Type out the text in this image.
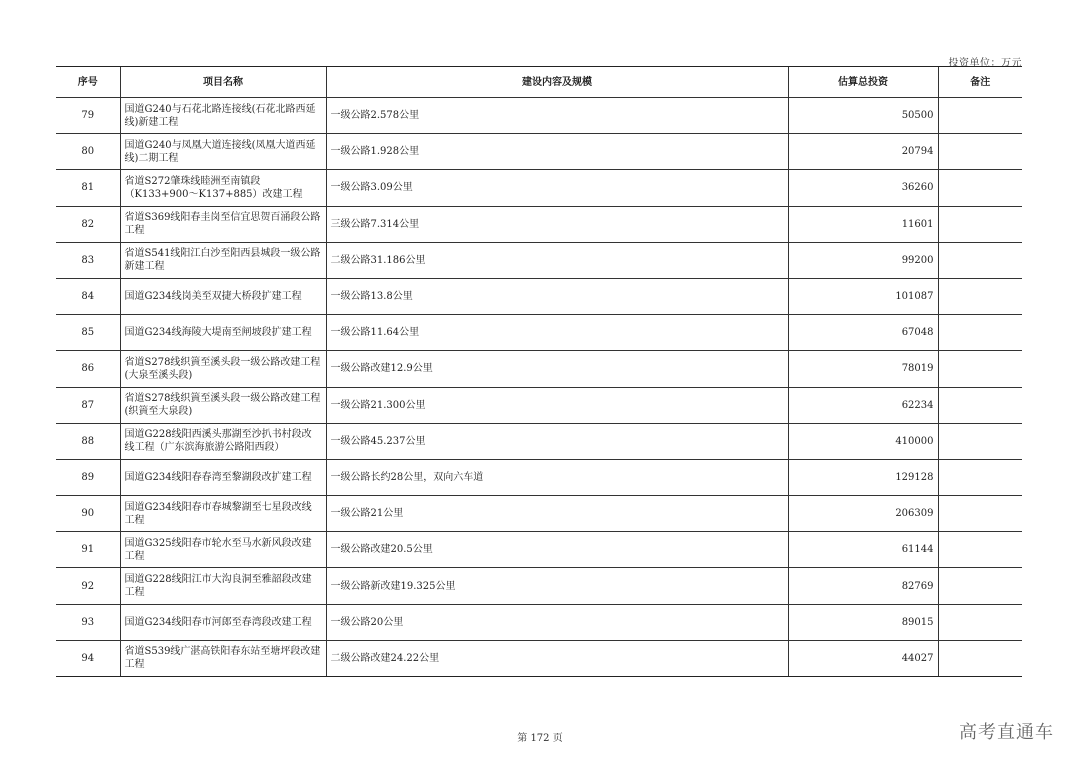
投资单位：万元
序号	项目名称	建设内容及规模	估算总投资	备注
79	国道G240与石花北路连接线(石花北路西延线)新建工程	一级公路2.578公里	50500	
80	国道G240与凤凰大道连接线(凤凰大道西延线)二期工程	一级公路1.928公里	20794	
81	省道S272肇珠线睦洲至南镇段（K133+900～K137+885）改建工程	一级公路3.09公里	36260	
82	省道S369线阳春圭岗至信宜思贺百涌段公路工程	三级公路7.314公里	11601	
83	省道S541线阳江白沙至阳西县城段一级公路新建工程	二级公路31.186公里	99200	
84	国道G234线岗美至双捷大桥段扩建工程	一级公路13.8公里	101087	
85	国道G234线海陵大堤南至闸坡段扩建工程	一级公路11.64公里	67048	
86	省道S278线织篢至溪头段一级公路改建工程(大泉至溪头段)	一级公路改建12.9公里	78019	
87	省道S278线织篢至溪头段一级公路改建工程(织篢至大泉段)	一级公路21.300公里	62234	
88	国道G228线阳西溪头那湖至沙扒书村段改线工程（广东滨海旅游公路阳西段）	一级公路45.237公里	410000	
89	国道G234线阳春春湾至黎湖段改扩建工程	一级公路长约28公里，双向六车道	129128	
90	国道G234线阳春市春城黎湖至七星段改线工程	一级公路21公里	206309	
91	国道G325线阳春市轮水至马水新风段改建工程	一级公路改建20.5公里	61144	
92	国道G228线阳江市大沟良洞至雅韶段改建工程	一级公路新改建19.325公里	82769	
93	国道G234线阳春市河郎至春湾段改建工程	一级公路20公里	89015	
94	省道S539线广湛高铁阳春东站至塘坪段改建工程	二级公路改建24.22公里	44027	
第 172 页	高考直通车
